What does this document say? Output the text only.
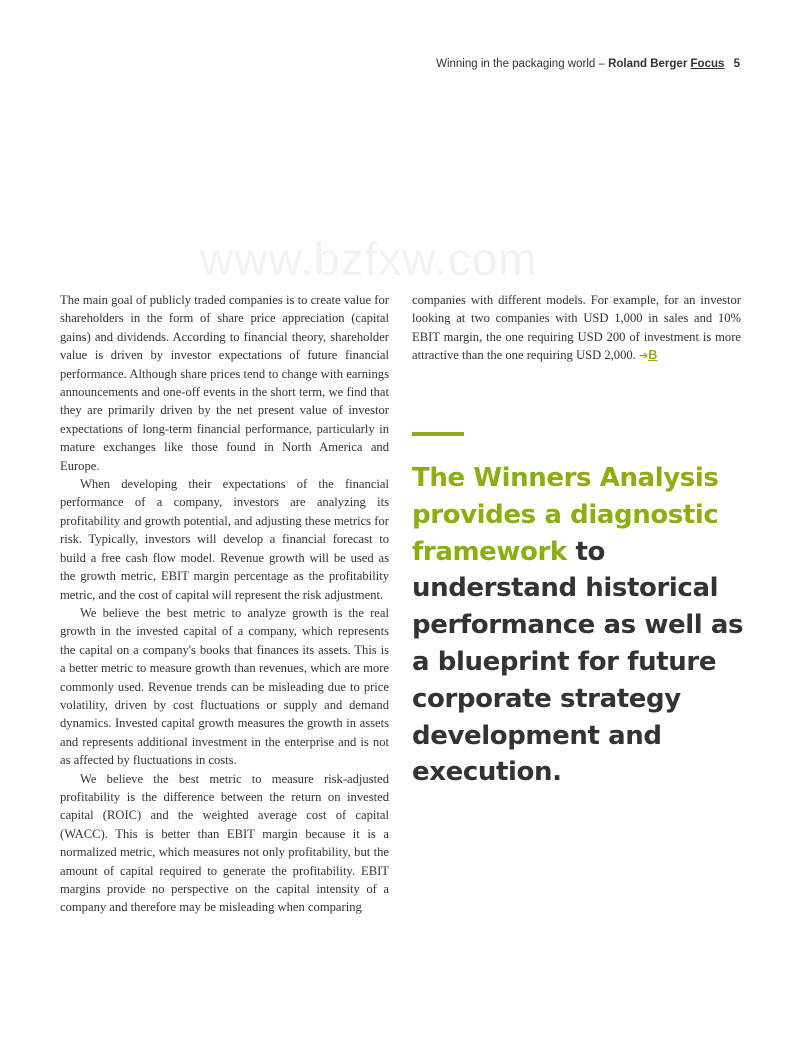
Winning in the packaging world – Roland Berger Focus 5
www.bzfxw.com

The main goal of publicly traded companies is to create value for shareholders in the form of share price appreciation (capital gains) and dividends. According to financial theory, shareholder value is driven by investor expectations of future financial performance. Although share prices tend to change with earnings announcements and one-off events in the short term, we find that they are primarily driven by the net present value of investor expectations of long-term financial performance, particularly in mature exchanges like those found in North America and Europe.

When developing their expectations of the financial performance of a company, investors are analyzing its profitability and growth potential, and adjusting these metrics for risk. Typically, investors will develop a financial forecast to build a free cash flow model. Revenue growth will be used as the growth metric, EBIT margin percentage as the profitability metric, and the cost of capital will represent the risk adjustment.

We believe the best metric to analyze growth is the real growth in the invested capital of a company, which represents the capital on a company's books that finances its assets. This is a better metric to measure growth than revenues, which are more commonly used. Revenue trends can be misleading due to price volatility, driven by cost fluctuations or supply and demand dynamics. Invested capital growth measures the growth in assets and represents additional investment in the enterprise and is not as affected by fluctuations in costs.

We believe the best metric to measure risk-adjusted profitability is the difference between the return on invested capital (ROIC) and the weighted average cost of capital (WACC). This is better than EBIT margin because it is a normalized metric, which measures not only profitability, but the amount of capital required to generate the profitability. EBIT margins provide no perspective on the capital intensity of a company and therefore may be misleading when comparing

companies with different models. For example, for an investor looking at two companies with USD 1,000 in sales and 10% EBIT margin, the one requiring USD 200 of investment is more attractive than the one requiring USD 2,000. ➔B

The Winners Analysis provides a diagnostic framework to understand historical performance as well as a blueprint for future corporate strategy development and execution.
